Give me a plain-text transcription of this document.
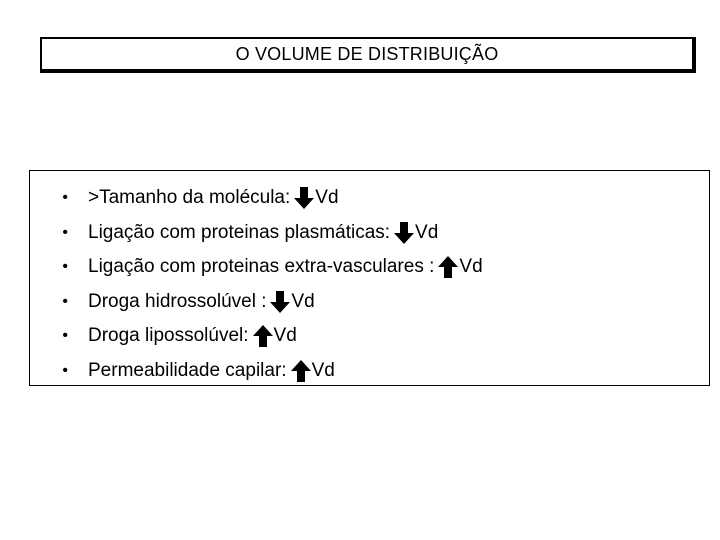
O VOLUME DE DISTRIBUIÇÃO
•	>Tamanho da molécula: Vd
•	Ligação com proteinas plasmáticas: Vd
•	Ligação com proteinas extra-vasculares : Vd
•	Droga hidrossolúvel : Vd
•	Droga lipossolúvel: Vd
•	Permeabilidade capilar: Vd
